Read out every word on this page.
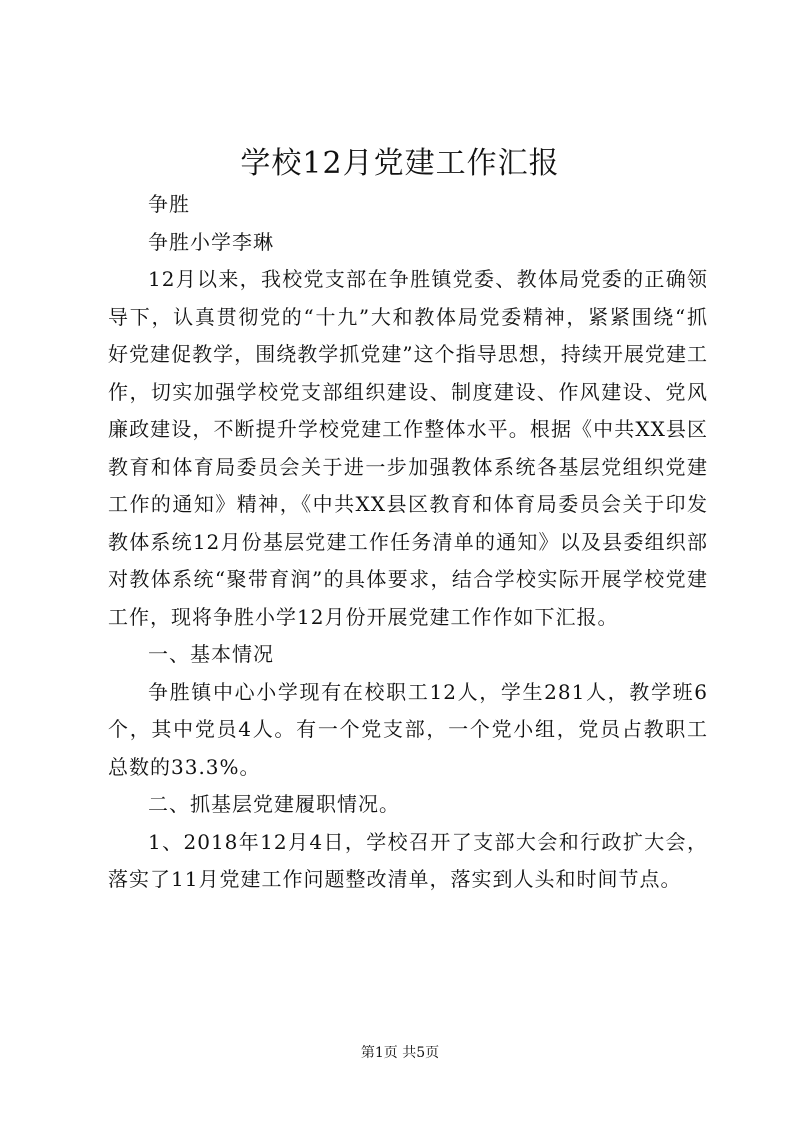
学校12月党建工作汇报

争胜

争胜小学李琳

12月以来，我校党支部在争胜镇党委、教体局党委的正确领导下，认真贯彻党的“十九”大和教体局党委精神，紧紧围绕“抓好党建促教学，围绕教学抓党建”这个指导思想，持续开展党建工作，切实加强学校党支部组织建设、制度建设、作风建设、党风廉政建设，不断提升学校党建工作整体水平。根据《中共XX县区教育和体育局委员会关于进一步加强教体系统各基层党组织党建工作的通知》精神，《中共XX县区教育和体育局委员会关于印发教体系统12月份基层党建工作任务清单的通知》以及县委组织部对教体系统“聚带育润”的具体要求，结合学校实际开展学校党建工作，现将争胜小学12月份开展党建工作作如下汇报。

一、基本情况

争胜镇中心小学现有在校职工12人，学生281人，教学班6个，其中党员4人。有一个党支部，一个党小组，党员占教职工总数的33.3%。

二、抓基层党建履职情况。

1、2018年12月4日，学校召开了支部大会和行政扩大会，落实了11月党建工作问题整改清单，落实到人头和时间节点。

第1页 共5页
